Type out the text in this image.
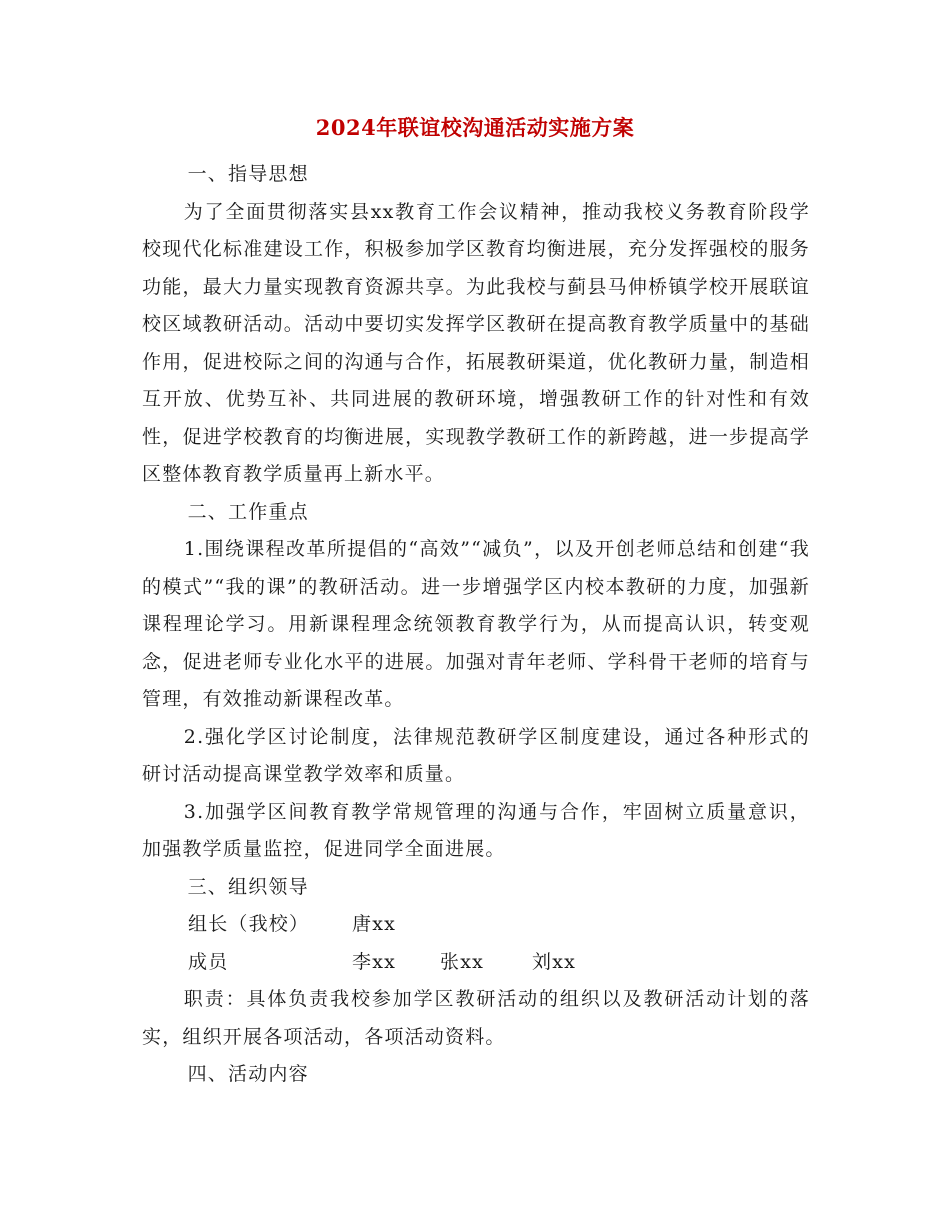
2024年联谊校沟通活动实施方案
一、指导思想

为了全面贯彻落实县xx教育工作会议精神，推动我校义务教育阶段学校现代化标准建设工作，积极参加学区教育均衡进展，充分发挥强校的服务功能，最大力量实现教育资源共享。为此我校与蓟县马伸桥镇学校开展联谊校区域教研活动。活动中要切实发挥学区教研在提高教育教学质量中的基础作用，促进校际之间的沟通与合作，拓展教研渠道，优化教研力量，制造相互开放、优势互补、共同进展的教研环境，增强教研工作的针对性和有效性，促进学校教育的均衡进展，实现教学教研工作的新跨越，进一步提高学区整体教育教学质量再上新水平。

二、工作重点

1.围绕课程改革所提倡的“高效”“减负”，以及开创老师总结和创建“我的模式”“我的课”的教研活动。进一步增强学区内校本教研的力度，加强新课程理论学习。用新课程理念统领教育教学行为，从而提高认识，转变观念，促进老师专业化水平的进展。加强对青年老师、学科骨干老师的培育与管理，有效推动新课程改革。

2.强化学区讨论制度，法律规范教研学区制度建设，通过各种形式的研讨活动提高课堂教学效率和质量。

3.加强学区间教育教学常规管理的沟通与合作，牢固树立质量意识，加强教学质量监控，促进同学全面进展。

三、组织领导
组长（我校） 唐xx
成员	李xx 张xx	刘xx

职责：具体负责我校参加学区教研活动的组织以及教研活动计划的落实，组织开展各项活动，各项活动资料。

四、活动内容
